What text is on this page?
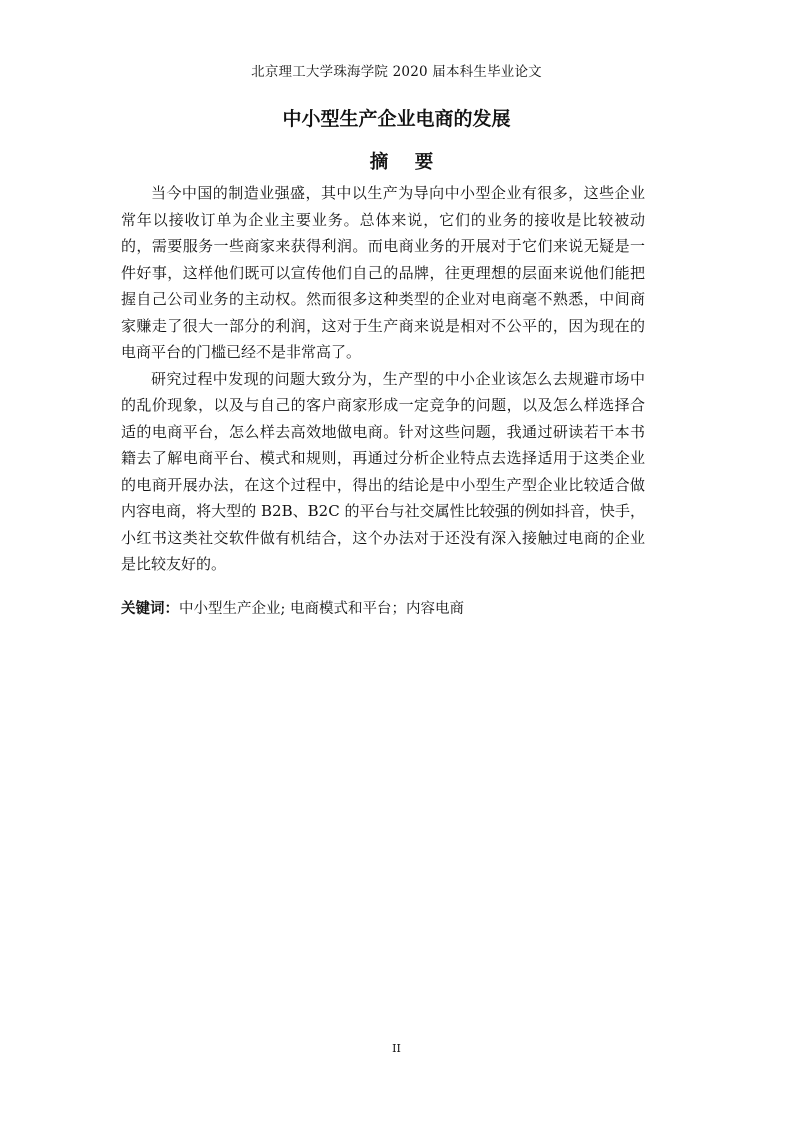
北京理工大学珠海学院 2020 届本科生毕业论文
中小型生产企业电商的发展
摘 要

当今中国的制造业强盛，其中以生产为导向中小型企业有很多，这些企业常年以接收订单为企业主要业务。总体来说，它们的业务的接收是比较被动的，需要服务一些商家来获得利润。而电商业务的开展对于它们来说无疑是一件好事，这样他们既可以宣传他们自己的品牌，往更理想的层面来说他们能把握自己公司业务的主动权。然而很多这种类型的企业对电商毫不熟悉，中间商家赚走了很大一部分的利润，这对于生产商来说是相对不公平的，因为现在的电商平台的门槛已经不是非常高了。

研究过程中发现的问题大致分为，生产型的中小企业该怎么去规避市场中的乱价现象，以及与自己的客户商家形成一定竞争的问题，以及怎么样选择合适的电商平台，怎么样去高效地做电商。针对这些问题，我通过研读若干本书籍去了解电商平台、模式和规则，再通过分析企业特点去选择适用于这类企业的电商开展办法，在这个过程中，得出的结论是中小型生产型企业比较适合做内容电商，将大型的 B2B、B2C 的平台与社交属性比较强的例如抖音，快手，小红书这类社交软件做有机结合，这个办法对于还没有深入接触过电商的企业是比较友好的。

关键词：中小型生产企业; 电商模式和平台；内容电商
II
